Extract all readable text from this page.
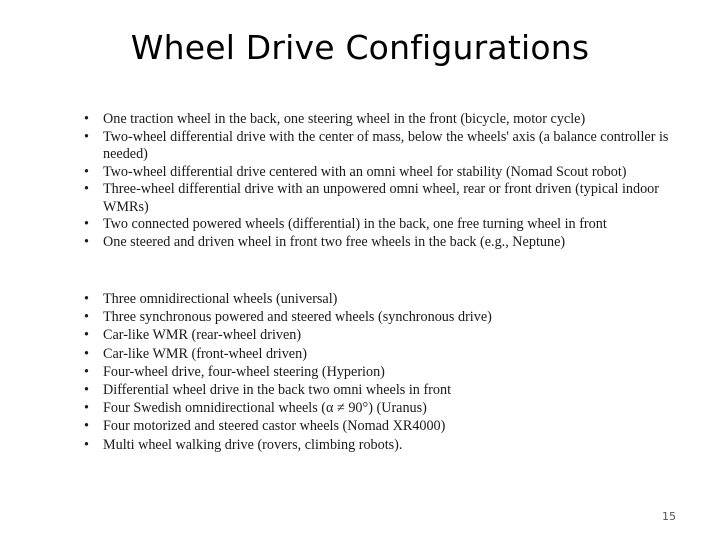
Wheel Drive Configurations
• One traction wheel in the back, one steering wheel in the front (bicycle, motor cycle)
• Two-wheel differential drive with the center of mass, below the wheels' axis (a balance controller is needed)
• Two-wheel differential drive centered with an omni wheel for stability (Nomad Scout robot)
• Three-wheel differential drive with an unpowered omni wheel, rear or front driven (typical indoor WMRs)
• Two connected powered wheels (differential) in the back, one free turning wheel in front
• One steered and driven wheel in front two free wheels in the back (e.g., Neptune)
• Three omnidirectional wheels (universal)
• Three synchronous powered and steered wheels (synchronous drive)
• Car-like WMR (rear-wheel driven)
• Car-like WMR (front-wheel driven)
• Four-wheel drive, four-wheel steering (Hyperion)
• Differential wheel drive in the back two omni wheels in front
• Four Swedish omnidirectional wheels (α ≠ 90°) (Uranus)
• Four motorized and steered castor wheels (Nomad XR4000)
• Multi wheel walking drive (rovers, climbing robots).
15
